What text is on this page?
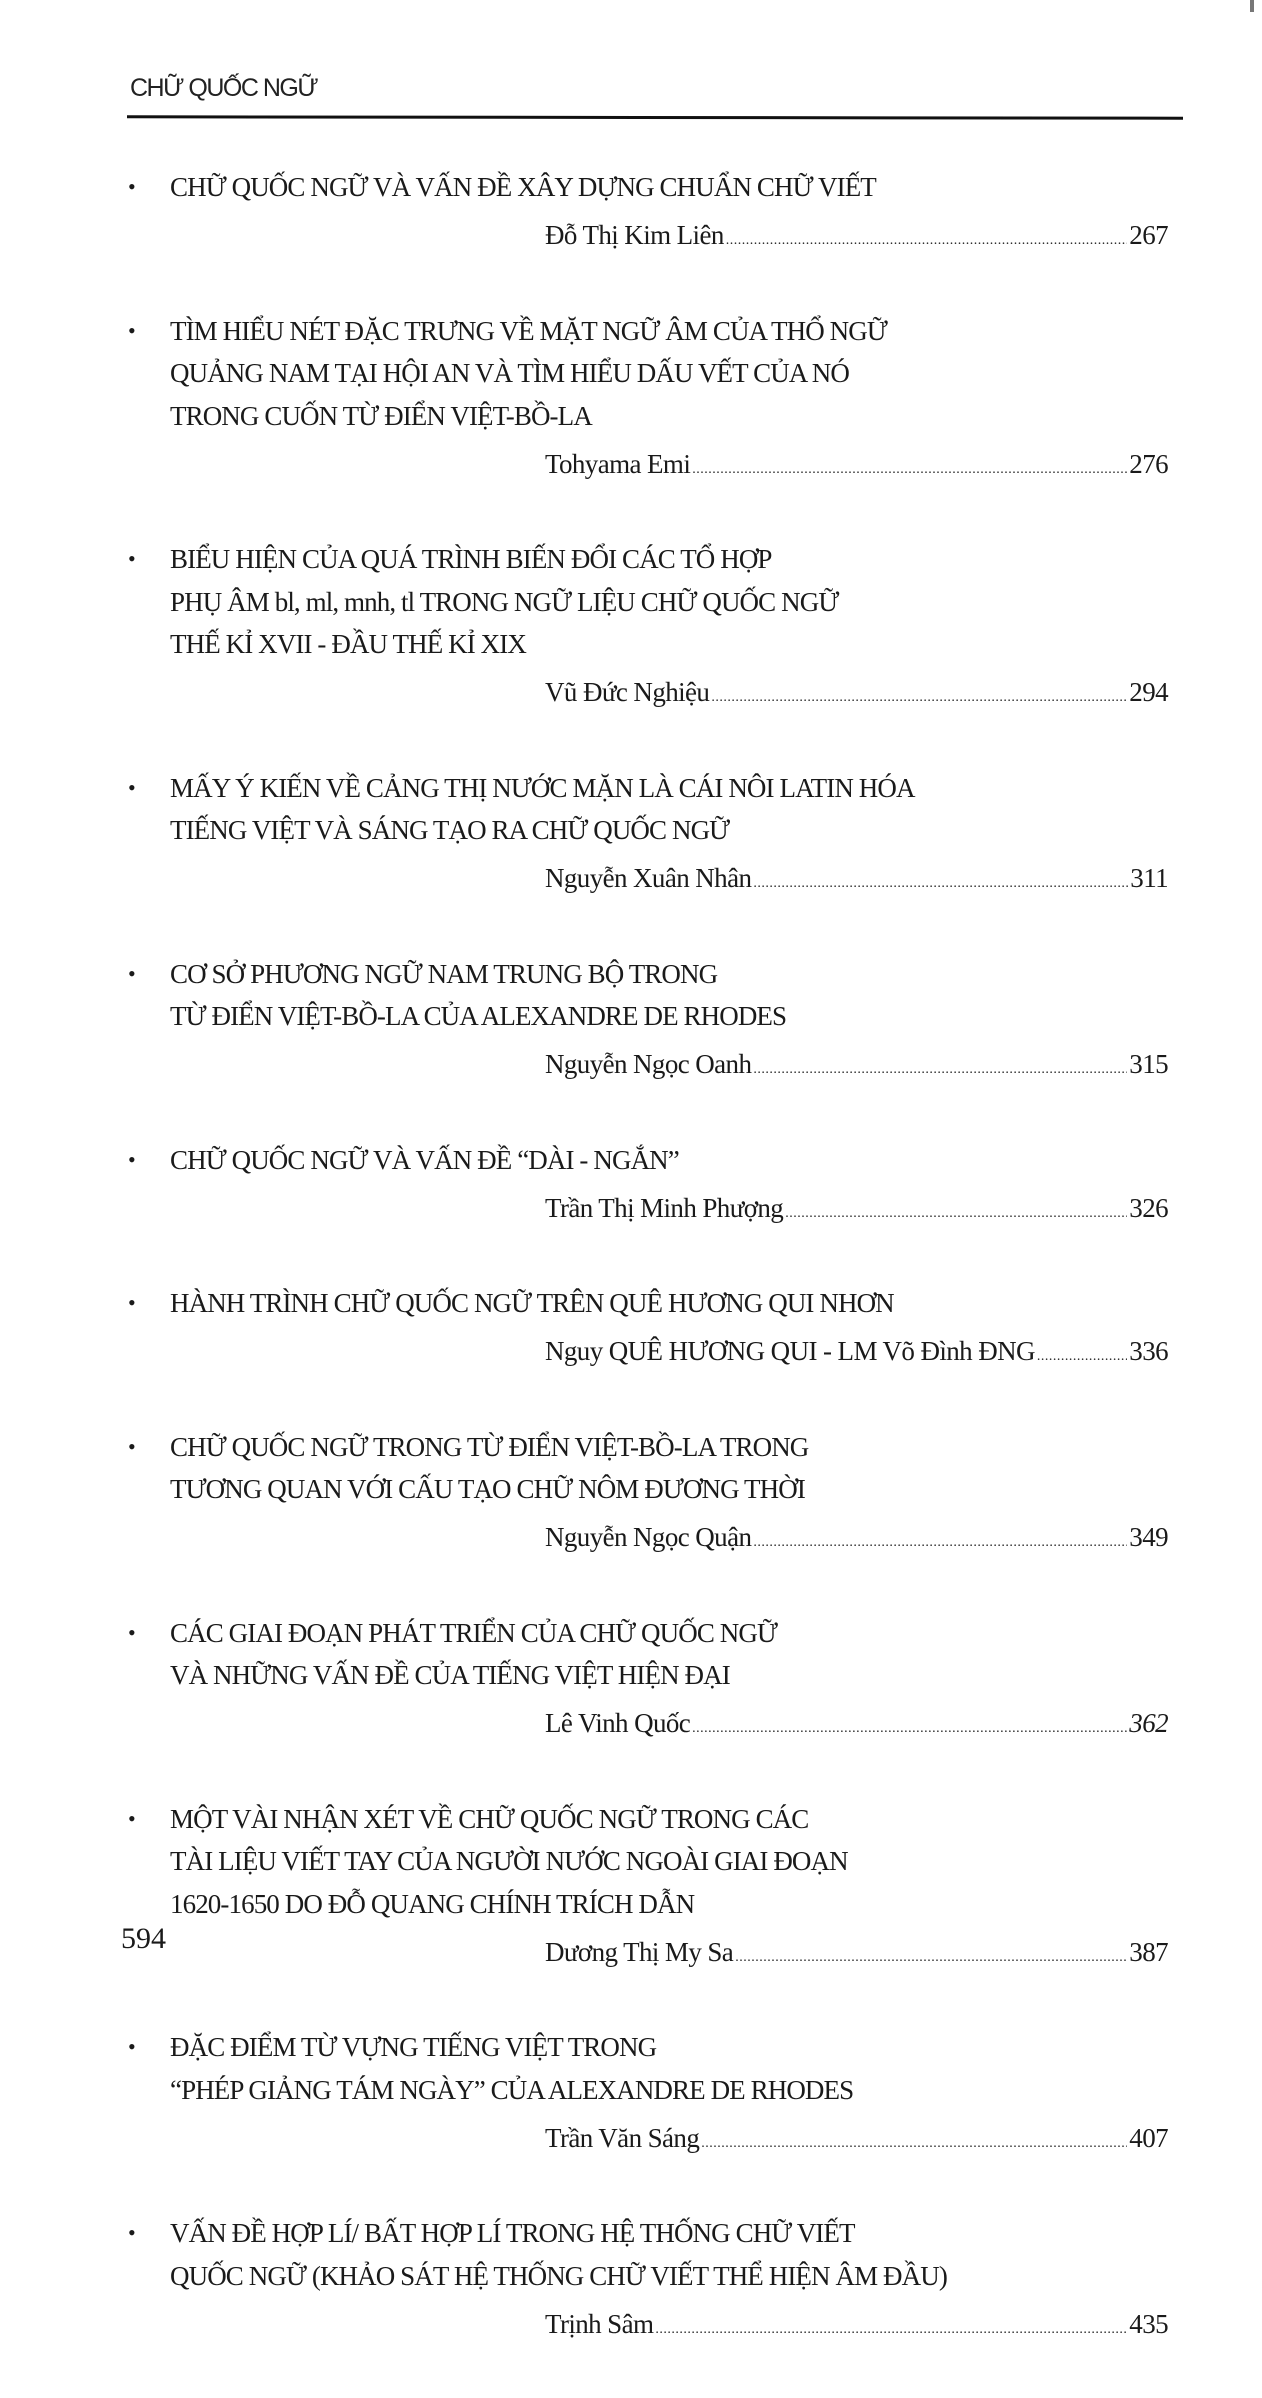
CHỮ QUỐC NGỮ
CHỮ QUỐC NGỮ VÀ VẤN ĐỀ XÂY DỰNG CHUẨN CHỮ VIẾT
•
Đỗ Thị Kim Liên .....	267
TÌM HIỂU NÉT ĐẶC TRƯNG VỀ MẶT NGỮ ÂM CỦA THỔ NGỮ
•
QUẢNG NAM TẠI HỘI AN VÀ TÌM HIỂU DẤU VẾT CỦA NÓ
TRONG CUỐN TỪ ĐIỂN VIỆT-BỒ-LA
Tohyama Emi .....	276
BIỂU HIỆN CỦA QUÁ TRÌNH BIẾN ĐỔI CÁC TỔ HỢP
•
PHỤ ÂM bl, ml, mnh, tl TRONG NGỮ LIỆU CHỮ QUỐC NGỮ
THẾ KỈ XVII - ĐẦU THẾ KỈ XIX
Vũ Đức Nghiệu .....	294
MẤY Ý KIẾN VỀ CẢNG THỊ NƯỚC MẶN LÀ CÁI NÔI LATIN HÓA
•
TIẾNG VIỆT VÀ SÁNG TẠO RA CHỮ QUỐC NGỮ
Nguyễn Xuân Nhân .....	311
CƠ SỞ PHƯƠNG NGỮ NAM TRUNG BỘ TRONG
•
TỪ ĐIỂN VIỆT-BỒ-LA CỦA ALEXANDRE DE RHODES
Nguyễn Ngọc Oanh .....	315
CHỮ QUỐC NGỮ VÀ VẤN ĐỀ “DÀI - NGẮN”
•
Trần Thị Minh Phượng .....	326
HÀNH TRÌNH CHỮ QUỐC NGỮ TRÊN QUÊ HƯƠNG QUI NHƠN
•
Nguy QUÊ HƯƠNG QUI - LM Võ Đình ĐNG .....	336
CHỮ QUỐC NGỮ TRONG TỪ ĐIỂN VIỆT-BỒ-LA TRONG
•
TƯƠNG QUAN VỚI CẤU TẠO CHỮ NÔM ĐƯƠNG THỜI
Nguyễn Ngọc Quận .....	349
CÁC GIAI ĐOẠN PHÁT TRIỂN CỦA CHỮ QUỐC NGỮ
•
VÀ NHỮNG VẤN ĐỀ CỦA TIẾNG VIỆT HIỆN ĐẠI
Lê Vinh Quốc .....	362
MỘT VÀI NHẬN XÉT VỀ CHỮ QUỐC NGỮ TRONG CÁC
•
TÀI LIỆU VIẾT TAY CỦA NGƯỜI NƯỚC NGOÀI GIAI ĐOẠN
1620-1650 DO ĐỖ QUANG CHÍNH TRÍCH DẪN
Dương Thị My Sa .....	387
ĐẶC ĐIỂM TỪ VỰNG TIẾNG VIỆT TRONG
•
“PHÉP GIẢNG TÁM NGÀY” CỦA ALEXANDRE DE RHODES
Trần Văn Sáng .....	407
VẤN ĐỀ HỢP LÍ/ BẤT HỢP LÍ TRONG HỆ THỐNG CHỮ VIẾT
•
QUỐC NGỮ (KHẢO SÁT HỆ THỐNG CHỮ VIẾT THỂ HIỆN ÂM ĐẦU)
Trịnh Sâm .....	435
594
